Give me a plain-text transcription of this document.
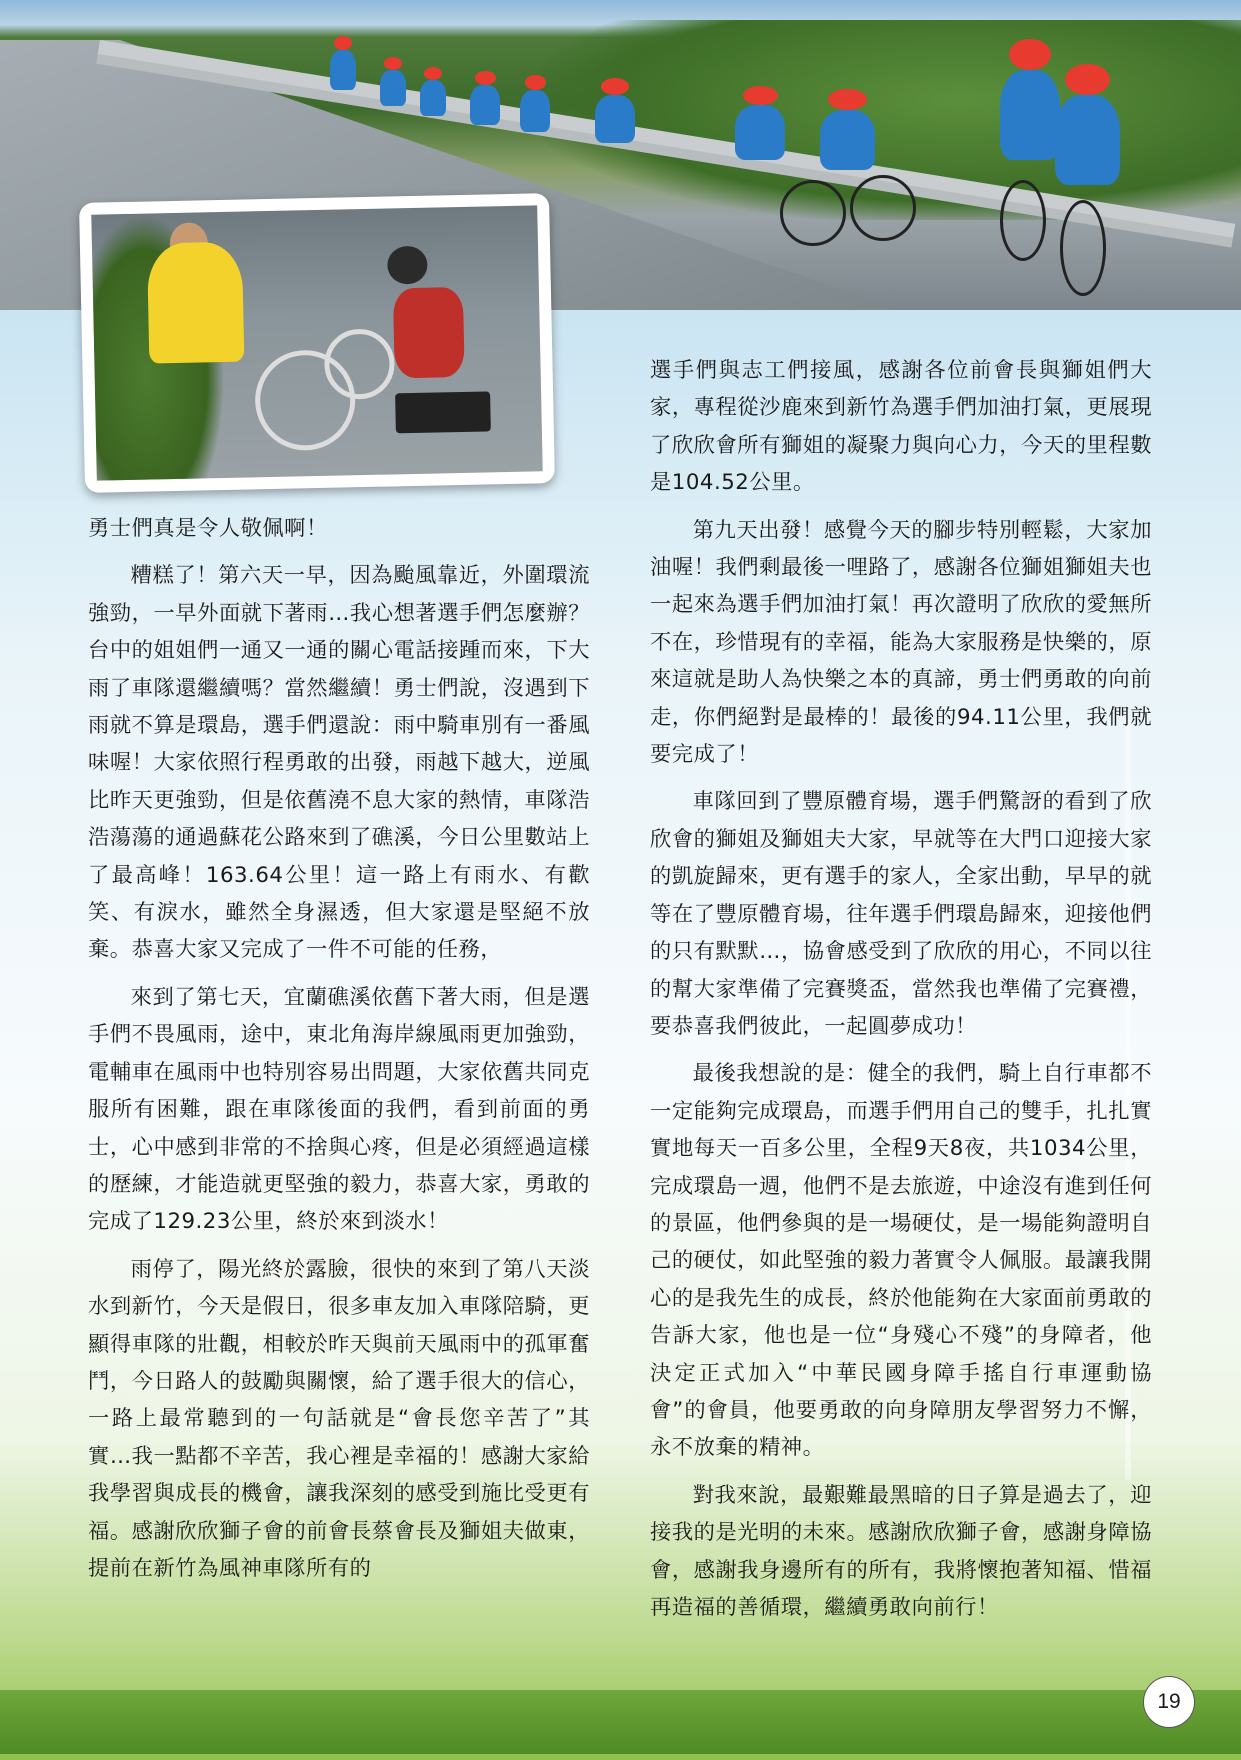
勇士們真是令人敬佩啊！

糟糕了！第六天一早，因為颱風靠近，外圍環流強勁，一早外面就下著雨…我心想著選手們怎麼辦？台中的姐姐們一通又一通的關心電話接踵而來，下大雨了車隊還繼續嗎？當然繼續！勇士們說，沒遇到下雨就不算是環島，選手們還說：雨中騎車別有一番風味喔！大家依照行程勇敢的出發，雨越下越大，逆風比昨天更強勁，但是依舊澆不息大家的熱情，車隊浩浩蕩蕩的通過蘇花公路來到了礁溪，今日公里數站上了最高峰！163.64公里！這一路上有雨水、有歡笑、有淚水，雖然全身濕透，但大家還是堅絕不放棄。恭喜大家又完成了一件不可能的任務，

來到了第七天，宜蘭礁溪依舊下著大雨，但是選手們不畏風雨，途中，東北角海岸線風雨更加強勁，電輔車在風雨中也特別容易出問題，大家依舊共同克服所有困難，跟在車隊後面的我們，看到前面的勇士，心中感到非常的不捨與心疼，但是必須經過這樣的歷練，才能造就更堅強的毅力，恭喜大家，勇敢的完成了129.23公里，終於來到淡水！

雨停了，陽光終於露臉，很快的來到了第八天淡水到新竹，今天是假日，很多車友加入車隊陪騎，更顯得車隊的壯觀，相較於昨天與前天風雨中的孤軍奮鬥，今日路人的鼓勵與關懷，給了選手很大的信心，一路上最常聽到的一句話就是“會長您辛苦了”其實…我一點都不辛苦，我心裡是幸福的！感謝大家給我學習與成長的機會，讓我深刻的感受到施比受更有福。感謝欣欣獅子會的前會長蔡會長及獅姐夫做東，提前在新竹為風神車隊所有的

選手們與志工們接風，感謝各位前會長與獅姐們大家，專程從沙鹿來到新竹為選手們加油打氣，更展現了欣欣會所有獅姐的凝聚力與向心力，今天的里程數是104.52公里。

第九天出發！感覺今天的腳步特別輕鬆，大家加油喔！我們剩最後一哩路了，感謝各位獅姐獅姐夫也一起來為選手們加油打氣！再次證明了欣欣的愛無所不在，珍惜現有的幸福，能為大家服務是快樂的，原來這就是助人為快樂之本的真諦，勇士們勇敢的向前走，你們絕對是最棒的！最後的94.11公里，我們就要完成了！

車隊回到了豐原體育場，選手們驚訝的看到了欣欣會的獅姐及獅姐夫大家，早就等在大門口迎接大家的凱旋歸來，更有選手的家人，全家出動，早早的就等在了豐原體育場，往年選手們環島歸來，迎接他們的只有默默…，協會感受到了欣欣的用心，不同以往的幫大家準備了完賽獎盃，當然我也準備了完賽禮，要恭喜我們彼此，一起圓夢成功！

最後我想說的是：健全的我們，騎上自行車都不一定能夠完成環島，而選手們用自己的雙手，扎扎實實地每天一百多公里，全程9天8夜，共1034公里，完成環島一週，他們不是去旅遊，中途沒有進到任何的景區，他們參與的是一場硬仗，是一場能夠證明自己的硬仗，如此堅強的毅力著實令人佩服。最讓我開心的是我先生的成長，終於他能夠在大家面前勇敢的告訴大家，他也是一位“身殘心不殘”的身障者，他決定正式加入“中華民國身障手搖自行車運動協會”的會員，他要勇敢的向身障朋友學習努力不懈，永不放棄的精神。

對我來說，最艱難最黑暗的日子算是過去了，迎接我的是光明的未來。感謝欣欣獅子會，感謝身障協會，感謝我身邊所有的所有，我將懷抱著知福、惜福再造福的善循環，繼續勇敢向前行！

19
